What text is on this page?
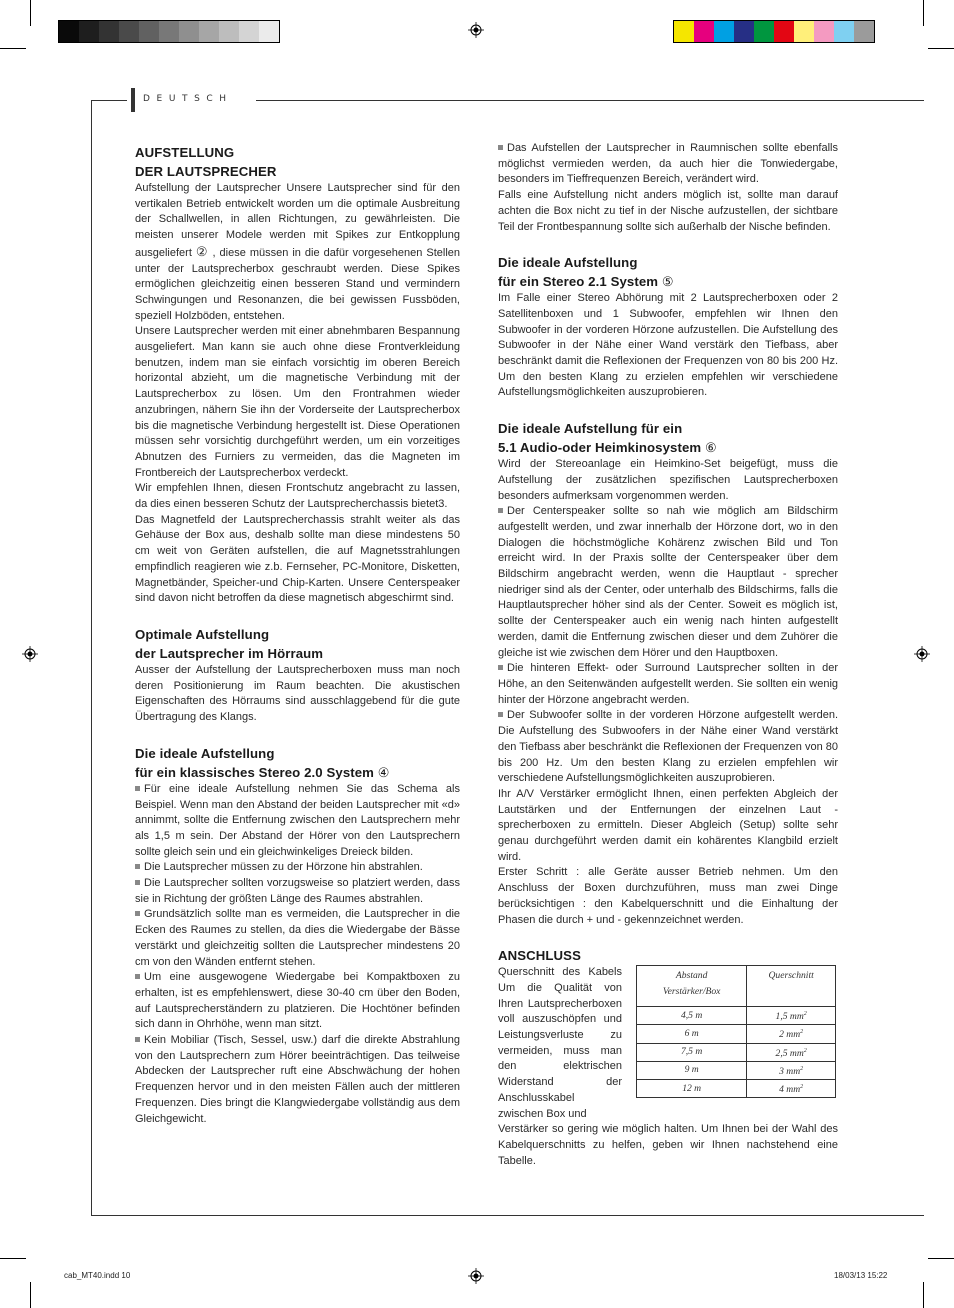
DEUTSCH
AUFSTELLUNG
DER LAUTSPRECHER

Aufstellung der Lautsprecher Unsere Lautsprecher sind für den vertikalen Betrieb entwickelt worden um die optimale Ausbreitung der Schallwellen, in allen Richtungen, zu gewährleisten. Die meisten unserer Modele werden mit Spikes zur Entkopplung ausgeliefert ② , diese müssen in die dafür vorgesehenen Stellen unter der Lautsprecherbox geschraubt werden. Diese Spikes ermöglichen gleichzeitig einen besseren Stand und vermindern Schwingungen und Resonanzen, die bei gewissen Fussböden, speziell Holzböden, entstehen.

Unsere Lautsprecher werden mit einer abnehmbaren Bespannung ausgeliefert. Man kann sie auch ohne diese Frontverkleidung benutzen, indem man sie einfach vorsichtig im oberen Bereich horizontal abzieht, um die magnetische Verbindung mit der Lautsprecherbox zu lösen. Um den Frontrahmen wieder anzubringen, nähern Sie ihn der Vorderseite der Lautsprecherbox bis die magnetische Verbindung hergestellt ist. Diese Operationen müssen sehr vorsichtig durchgeführt werden, um ein vorzeitiges Abnutzen des Furniers zu vermeiden, das die Magneten im Frontbereich der Lautsprecherbox verdeckt.

Wir empfehlen Ihnen, diesen Frontschutz angebracht zu lassen, da dies einen besseren Schutz der Lautsprecherchassis bietet3.

Das Magnetfeld der Lautsprecherchassis strahlt weiter als das Gehäuse der Box aus, deshalb sollte man diese mindestens 50 cm weit von Geräten aufstellen, die auf Magnetsstrahlungen empfindlich reagieren wie z.b. Fernseher, PC-Monitore, Disketten, Magnetbänder, Speicher-und Chip-Karten. Unsere Centerspeaker sind davon nicht betroffen da diese magnetisch abgeschirmt sind.

Optimale Aufstellung
der Lautsprecher im Hörraum

Ausser der Aufstellung der Lautsprecherboxen muss man noch deren Positionierung im Raum beachten. Die akustischen Eigenschaften des Hörraums sind ausschlaggebend für die gute Übertragung des Klangs.

Die ideale Aufstellung
für ein klassisches Stereo 2.0 System ④

Für eine ideale Aufstellung nehmen Sie das Schema als Beispiel. Wenn man den Abstand der beiden Lautsprecher mit «d» annimmt, sollte die Entfernung zwischen den Lautsprechern mehr als 1,5 m sein. Der Abstand der Hörer von den Lautsprechern sollte gleich sein und ein gleichwinkeliges Dreieck bilden.

Die Lautsprecher müssen zu der Hörzone hin abstrahlen.

Die Lautsprecher sollten vorzugsweise so platziert werden, dass sie in Richtung der größten Länge des Raumes abstrahlen.

Grundsätzlich sollte man es vermeiden, die Lautsprecher in die Ecken des Raumes zu stellen, da dies die Wiedergabe der Bässe verstärkt und gleichzeitig sollten die Lautsprecher mindestens 20 cm von den Wänden entfernt stehen.

Um eine ausgewogene Wiedergabe bei Kompaktboxen zu erhalten, ist es empfehlenswert, diese 30-40 cm über den Boden, auf Lautsprecherständern zu platzieren. Die Hochtöner befinden sich dann in Ohrhöhe, wenn man sitzt.

Kein Mobiliar (Tisch, Sessel, usw.) darf die direkte Abstrahlung von den Lautsprechern zum Hörer beeinträchtigen. Das teilweise Abdecken der Lautsprecher ruft eine Abschwächung der hohen Frequenzen hervor und in den meisten Fällen auch der mittleren Frequenzen. Dies bringt die Klangwiedergabe vollständig aus dem Gleichgewicht.

Das Aufstellen der Lautsprecher in Raumnischen sollte ebenfalls möglichst vermieden werden, da auch hier die Tonwiedergabe, besonders im Tieffrequenzen Bereich, verändert wird.

Falls eine Aufstellung nicht anders möglich ist, sollte man darauf achten die Box nicht zu tief in der Nische aufzustellen, der sichtbare Teil der Frontbespannung sollte sich außerhalb der Nische befinden.

Die ideale Aufstellung
für ein Stereo 2.1 System ⑤

Im Falle einer Stereo Abhörung mit 2 Lautsprecherboxen oder 2 Satellitenboxen und 1 Subwoofer, empfehlen wir Ihnen den Subwoofer in der vorderen Hörzone aufzustellen. Die Aufstellung des Subwoofer in der Nähe einer Wand verstärk den Tiefbass, aber beschränkt damit die Reflexionen der Frequenzen von 80 bis 200 Hz. Um den besten Klang zu erzielen empfehlen wir verschiedene Aufstellungsmöglichkeiten auszuprobieren.

Die ideale Aufstellung für ein
5.1 Audio-oder Heimkinosystem ⑥

Wird der Stereoanlage ein Heimkino-Set beigefügt, muss die Aufstellung der zusätzlichen spezifischen Lautsprecherboxen besonders aufmerksam vorgenommen werden.

Der Centerspeaker sollte so nah wie möglich am Bildschirm aufgestellt werden, und zwar innerhalb der Hörzone dort, wo in den Dialogen die höchstmögliche Kohärenz zwischen Bild und Ton erreicht wird. In der Praxis sollte der Centerspeaker über dem Bildschirm angebracht werden, wenn die Hauptlaut - sprecher niedriger sind als der Center, oder unterhalb des Bildschirms, falls die Hauptlautsprecher höher sind als der Center. Soweit es möglich ist, sollte der Centerspeaker auch ein wenig nach hinten aufgestellt werden, damit die Entfernung zwischen dieser und dem Zuhörer die gleiche ist wie zwischen dem Hörer und den Hauptboxen.

Die hinteren Effekt- oder Surround Lautsprecher sollten in der Höhe, an den Seitenwänden aufgestellt werden. Sie sollten ein wenig hinter der Hörzone angebracht werden.

Der Subwoofer sollte in der vorderen Hörzone aufgestellt werden. Die Aufstellung des Subwoofers in der Nähe einer Wand verstärkt den Tiefbass aber beschränkt die Reflexionen der Frequenzen von 80 bis 200 Hz. Um den besten Klang zu erzielen empfehlen wir verschiedene Aufstellungsmöglichkeiten auszuprobieren.

Ihr A/V Verstärker ermöglicht Ihnen, einen perfekten Abgleich der Lautstärken und der Entfernungen der einzelnen Laut - sprecherboxen zu ermitteln. Dieser Abgleich (Setup) sollte sehr genau durchgeführt werden damit ein kohärentes Klangbild erzielt wird.

Erster Schritt : alle Geräte ausser Betrieb nehmen. Um den Anschluss der Boxen durchzuführen, muss man zwei Dinge berücksichtigen : den Kabelquerschnitt und die Einhaltung der Phasen die durch + und - gekennzeichnet werden.

ANSCHLUSS

Querschnitt des Kabels Um die Qualität von Ihren Lautsprecherboxen voll auszuschöpfen und Leistungsverluste zu vermeiden, muss man den elektrischen Widerstand der Anschlusskabel zwischen Box und

Abstand
Verstärker/Box	Querschnitt
4,5 m	1,5 $mm^2$
6 m	2 $mm^2$
7,5 m	2,5 $mm^2$
9 m	3 $mm^2$
12 m	4 $mm^2$

Verstärker so gering wie möglich halten. Um Ihnen bei der Wahl des Kabelquerschnitts zu helfen, geben wir Ihnen nachstehend eine Tabelle.

cab_MT40.indd 10	18/03/13 15:22
